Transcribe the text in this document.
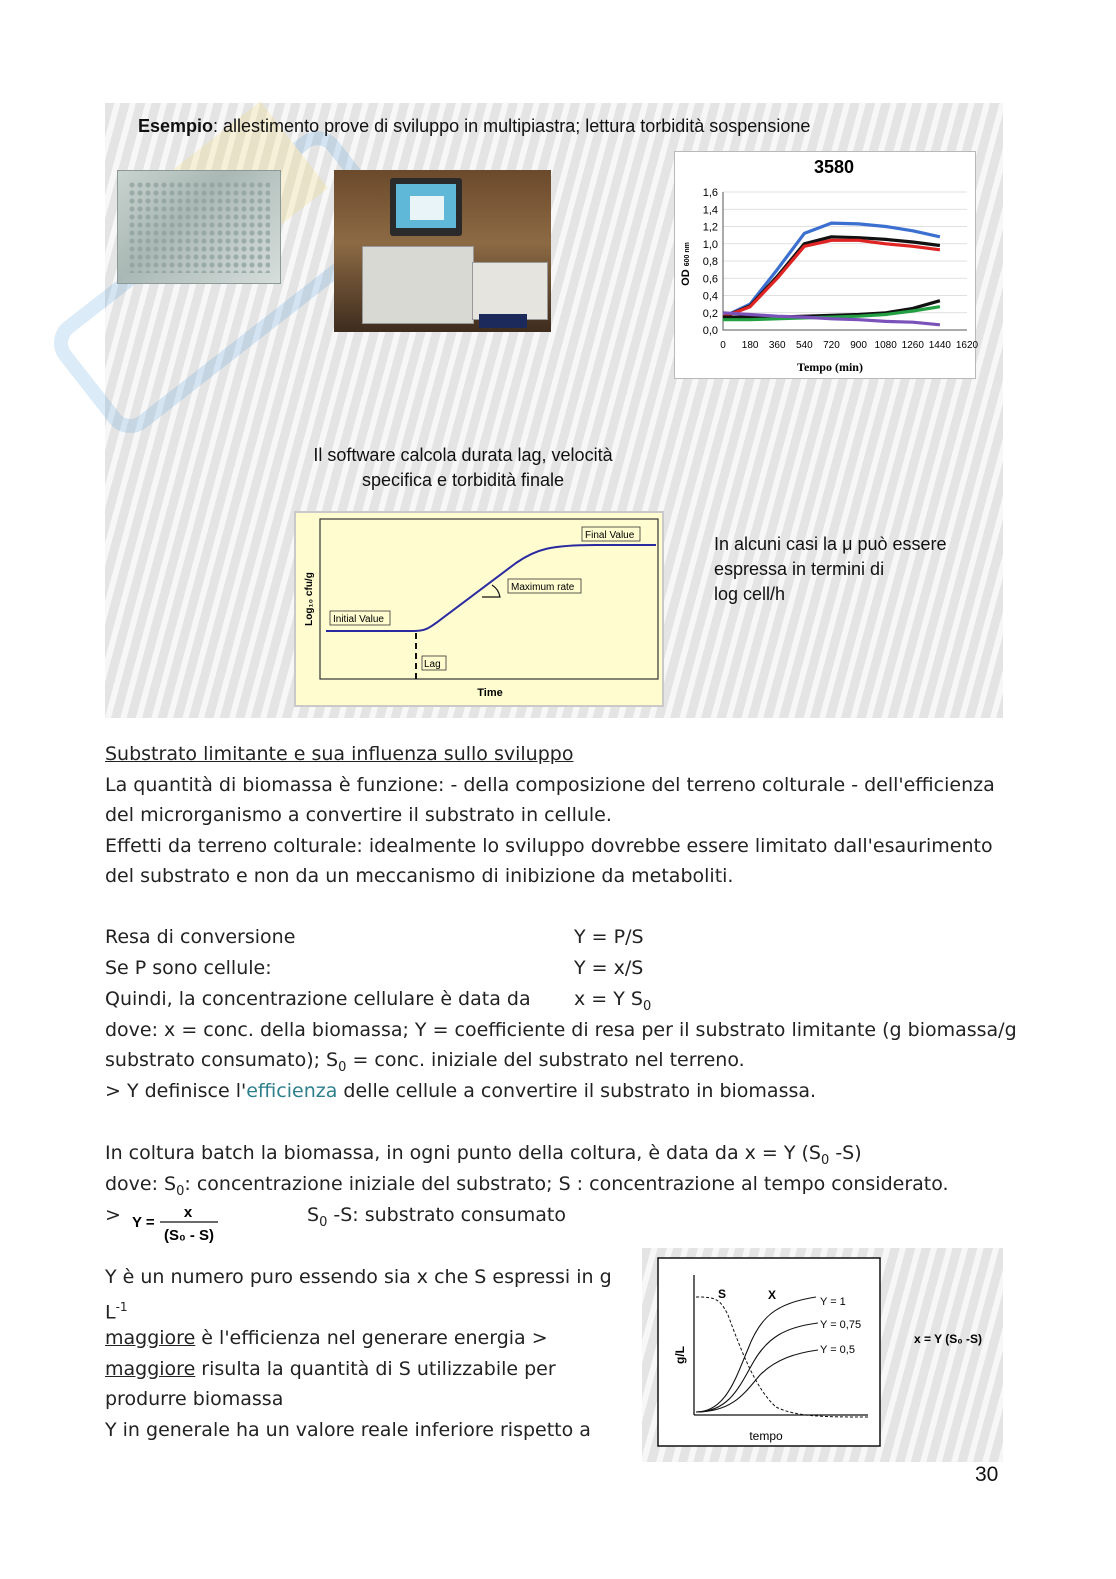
Esempio: allestimento prove di sviluppo in multipiastra; lettura torbidità sospensione
3580
0,0
0,2
0,4
0,6
0,8
1,0
1,2
1,4
1,6
0 180 360 540 720 900 1080 1260 1440 1620
OD 600 nm
Tempo (min)
Il software calcola durata lag, velocità
specifica e torbidità finale
Final Value
Maximum rate
Initial Value
Lag
Log₁₀ cfu/g
Time
In alcuni casi la μ può essere
espressa in termini di
log cell/h
Substrato limitante e sua influenza sullo sviluppo
La quantità di biomassa è funzione: - della composizione del terreno colturale - dell'efficienza
del microrganismo a convertire il substrato in cellule.
Effetti da terreno colturale: idealmente lo sviluppo dovrebbe essere limitato dall'esaurimento
del substrato e non da un meccanismo di inibizione da metaboliti.
Resa di conversione	Y = P/S
Se P sono cellule:	Y = x/S
Quindi, la concentrazione cellulare è data da x = Y $S_0$
dove: x = conc. della biomassa; Y = coefficiente di resa per il substrato limitante (g biomassa/g
substrato consumato); $S_0$ = conc. iniziale del substrato nel terreno.
> Y definisce l'efficienza delle cellule a convertire il substrato in biomassa.
In coltura batch la biomassa, in ogni punto della coltura, è data da x = Y ($S_0$ -S)
dove: $S_0$: concentrazione iniziale del substrato; S : concentrazione al tempo considerato.
> Y =
x
(S₀ - S)
$S_0$ -S: substrato consumato
Y è un numero puro essendo sia x che S espressi in g
$L^{-1}$
maggiore è l'efficienza nel generare energia >
maggiore risulta la quantità di S utilizzabile per
produrre biomassa
Y in generale ha un valore reale inferiore rispetto a
S	X	Y = 1
Y = 0,75
Y = 0,5
g/L
tempo
x = Y (S₀ -S)
30
